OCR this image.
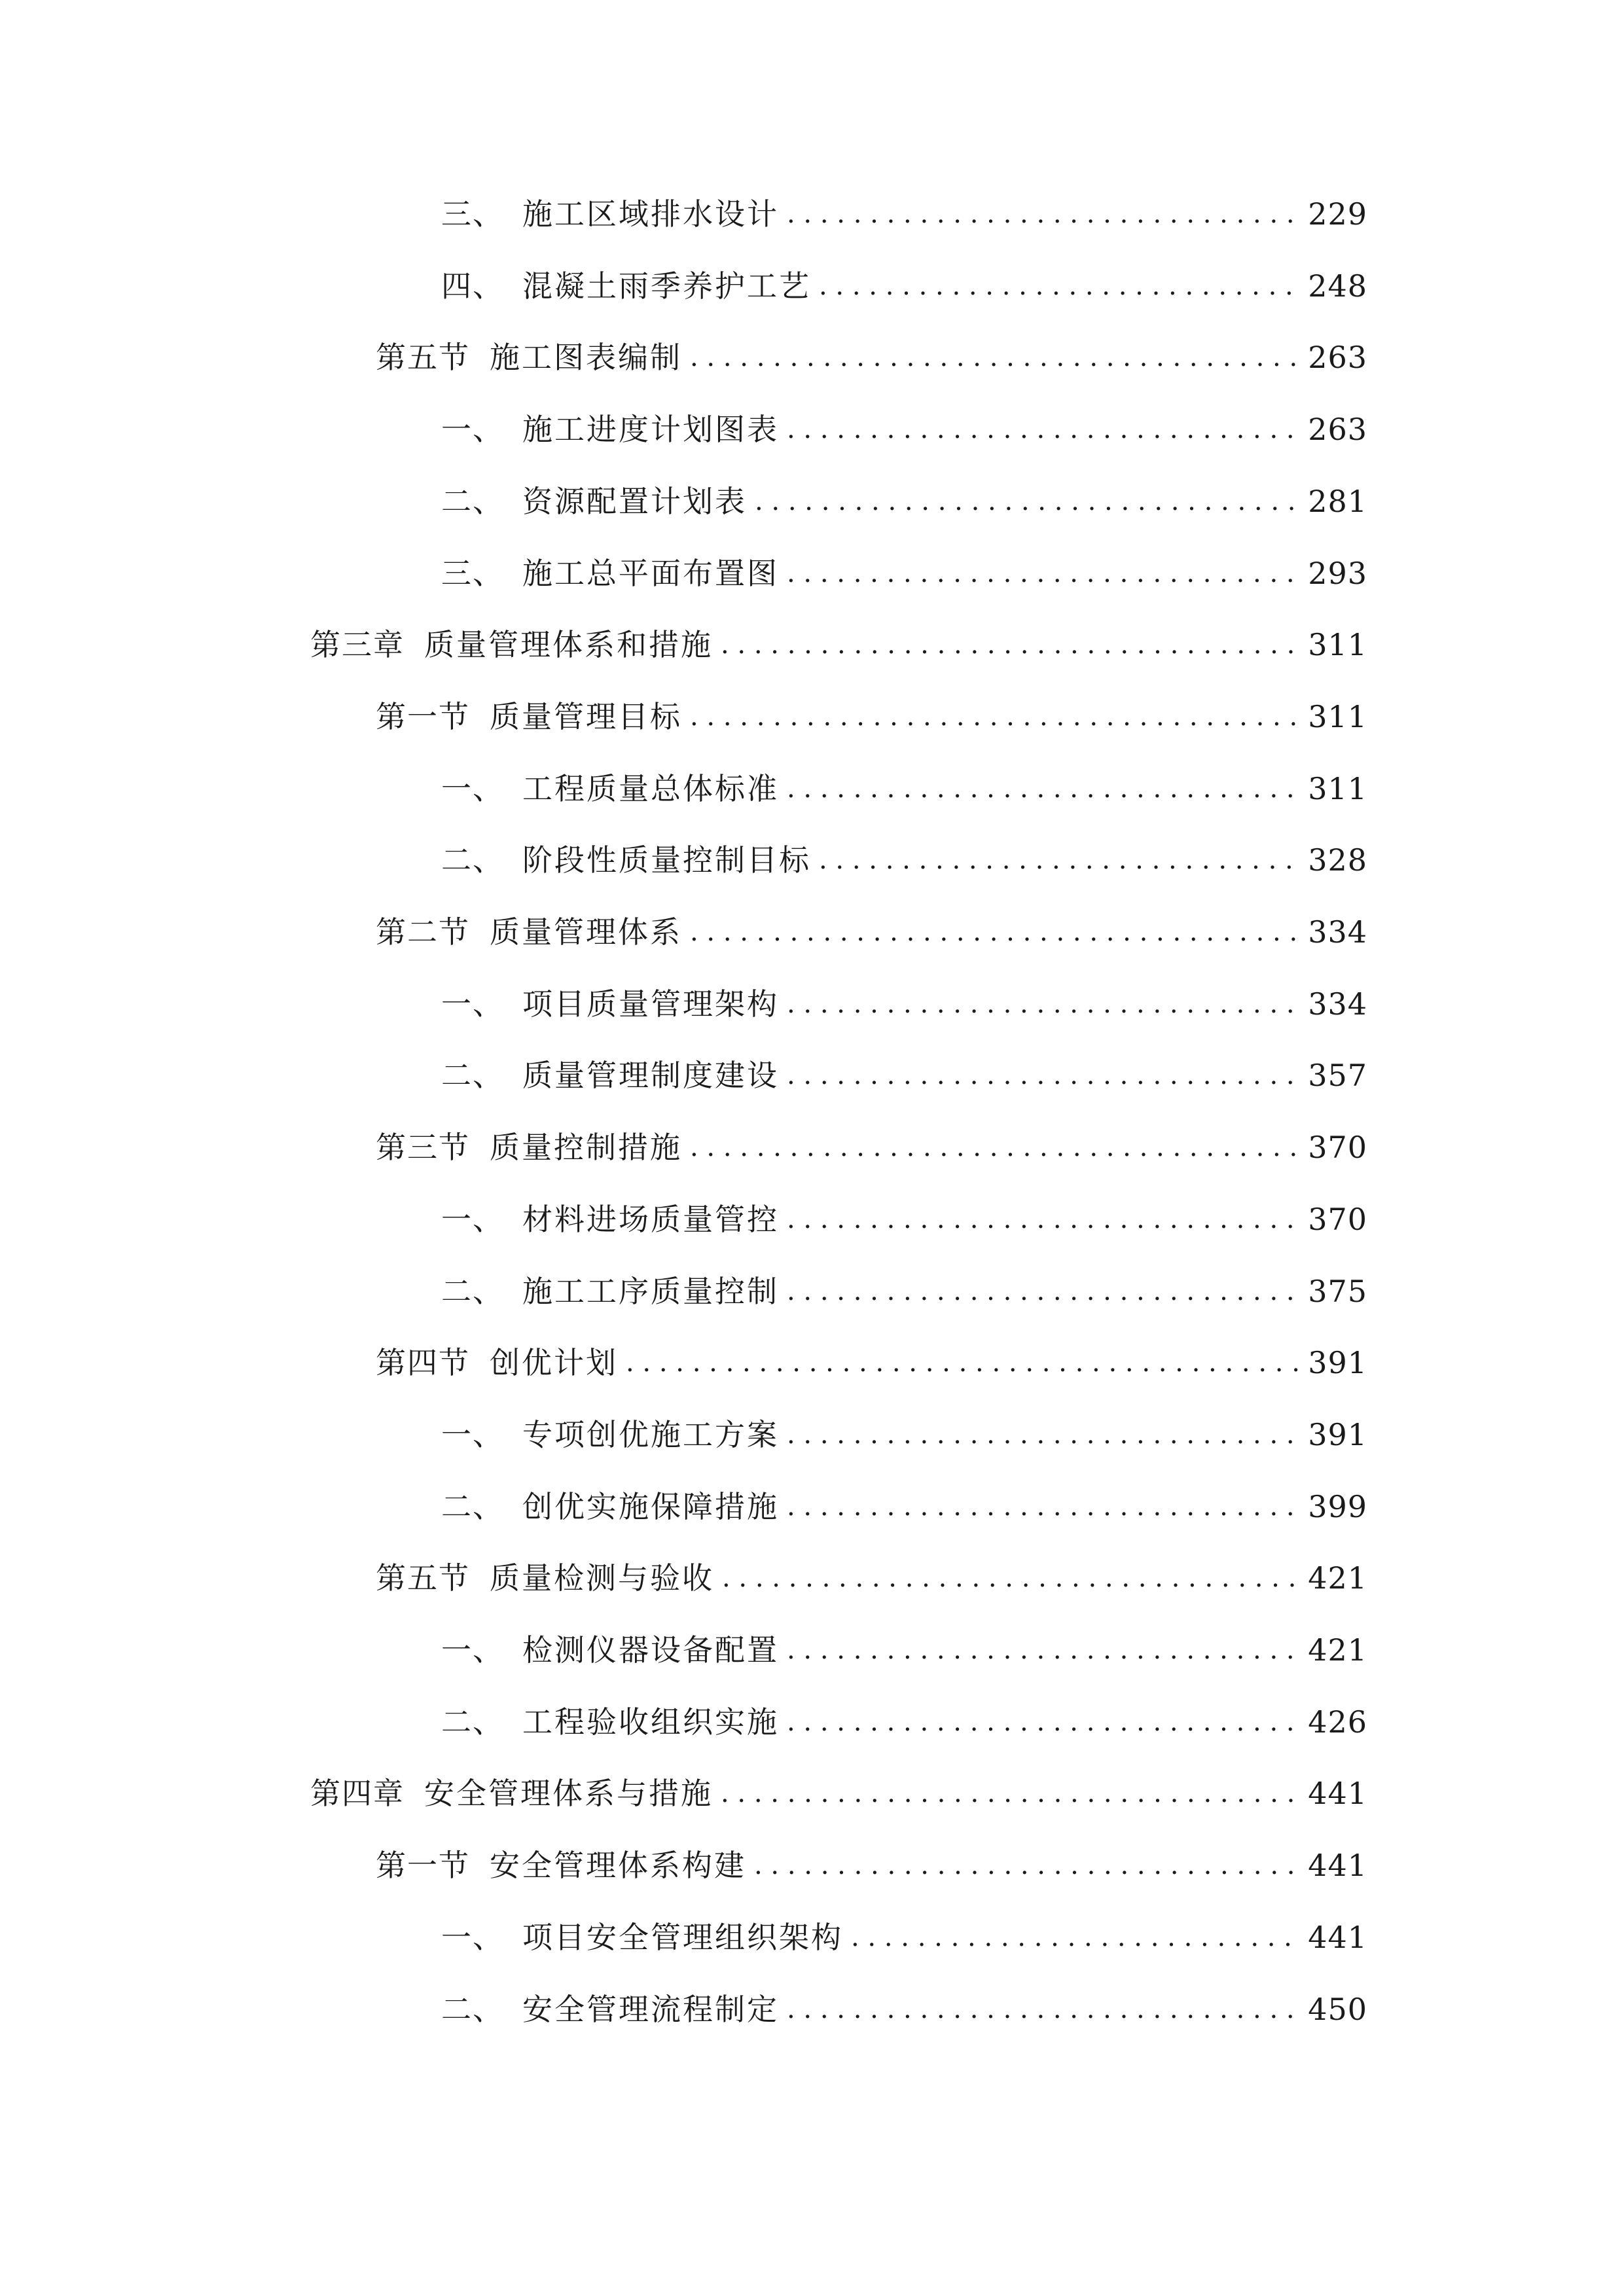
三、 施工区域排水设计 . . .	229
四、 混凝土雨季养护工艺 . . .	248
第五节 施工图表编制 . . .	263
一、 施工进度计划图表 . . .	263
二、 资源配置计划表 . . .	281
三、 施工总平面布置图 . . .	293
第三章 质量管理体系和措施 . . .	311
第一节 质量管理目标 . . .	311
一、 工程质量总体标准 . . .	311
二、 阶段性质量控制目标 . . .	328
第二节 质量管理体系 . . .	334
一、 项目质量管理架构 . . .	334
二、 质量管理制度建设 . . .	357
第三节 质量控制措施 . . .	370
一、 材料进场质量管控 . . .	370
二、 施工工序质量控制 . . .	375
第四节 创优计划 . . .	391
一、 专项创优施工方案 . . .	391
二、 创优实施保障措施 . . .	399
第五节 质量检测与验收 . . .	421
一、 检测仪器设备配置 . . .	421
二、 工程验收组织实施 . . .	426
第四章 安全管理体系与措施 . . .	441
第一节 安全管理体系构建 . . .	441
一、 项目安全管理组织架构 . . .	441
二、 安全管理流程制定 . . .	450
